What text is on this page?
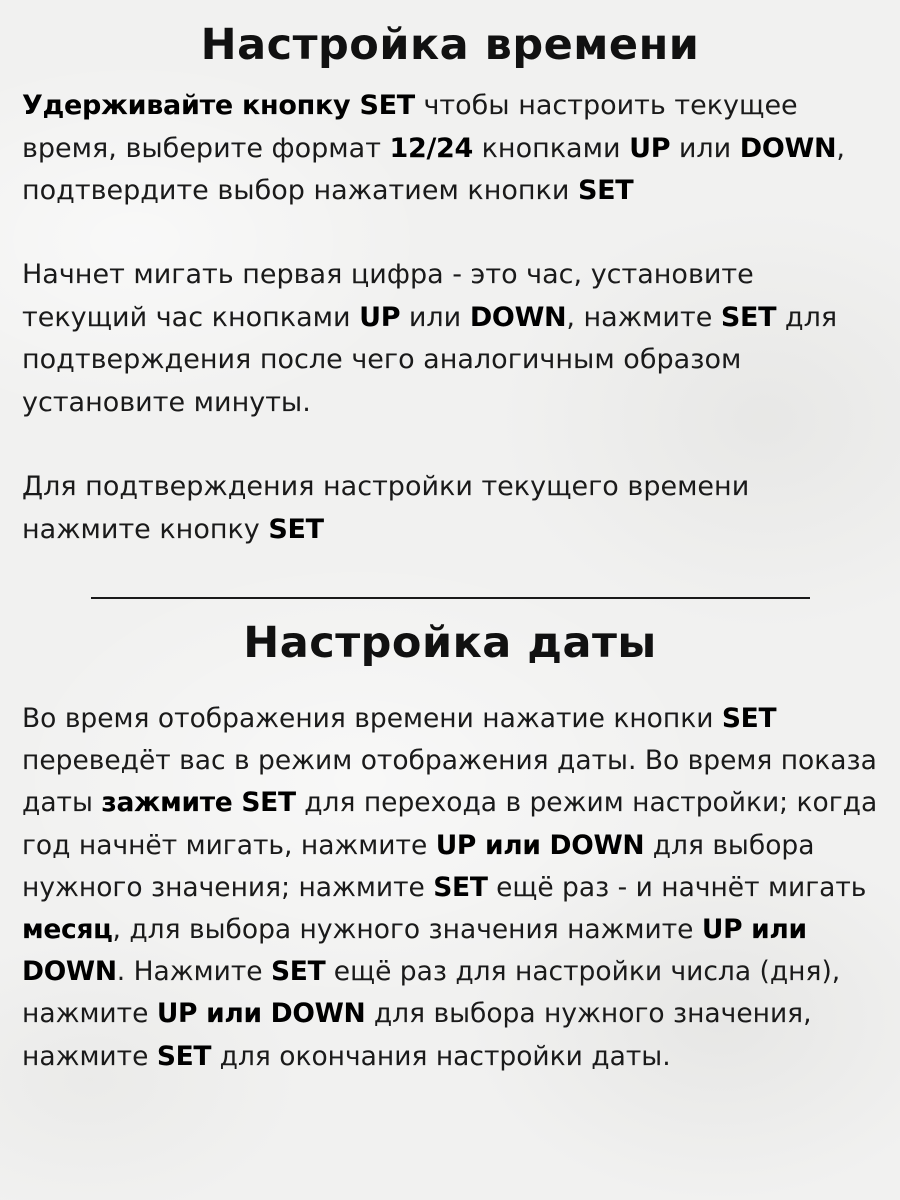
Настройка времени

Удерживайте кнопку SET чтобы настроить текущее время, выберите формат 12/24 кнопками UP или DOWN, подтвердите выбор нажатием кнопки SET

Начнет мигать первая цифра - это час, установите текущий час кнопками UP или DOWN, нажмите SET для подтверждения после чего аналогичным образом установите минуты.

Для подтверждения настройки текущего времени нажмите кнопку SET

Настройка даты

Во время отображения времени нажатие кнопки SET переведёт вас в режим отображения даты. Во время показа даты зажмите SET для перехода в режим настройки; когда год начнёт мигать, нажмите UP или DOWN для выбора нужного значения; нажмите SET ещё раз - и начнёт мигать месяц, для выбора нужного значения нажмите UP или DOWN. Нажмите SET ещё раз для настройки числа (дня), нажмите UP или DOWN для выбора нужного значения, нажмите SET для окончания настройки даты.
